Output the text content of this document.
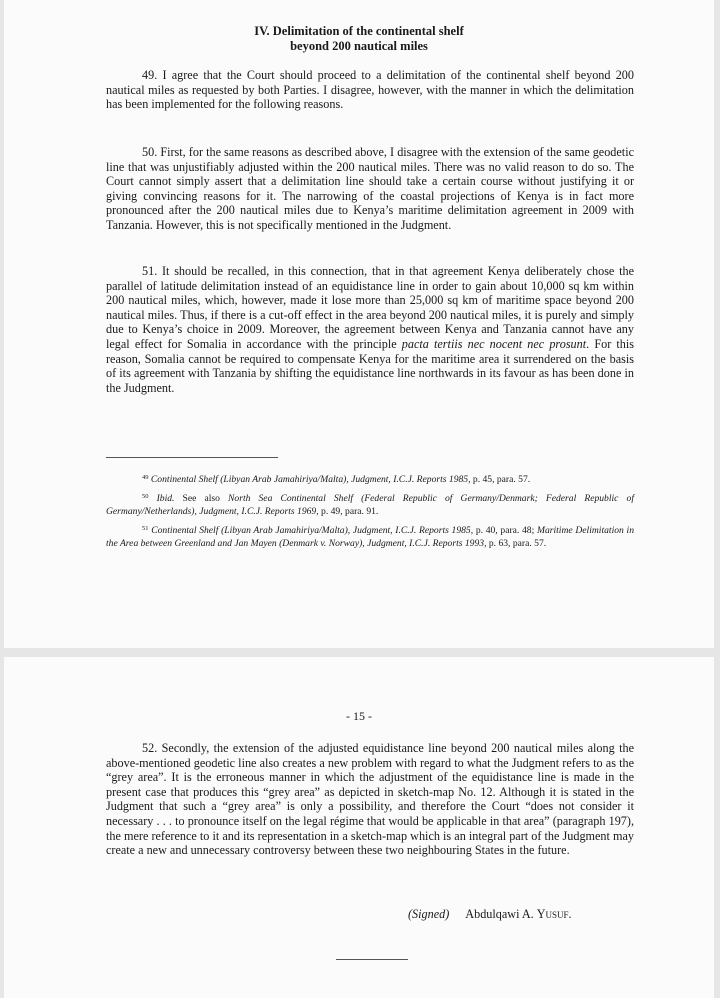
IV. Delimitation of the continental shelf
beyond 200 nautical miles

49. I agree that the Court should proceed to a delimitation of the continental shelf beyond 200 nautical miles as requested by both Parties. I disagree, however, with the manner in which the delimitation has been implemented for the following reasons.

50. First, for the same reasons as described above, I disagree with the extension of the same geodetic line that was unjustifiably adjusted within the 200 nautical miles. There was no valid reason to do so. The Court cannot simply assert that a delimitation line should take a certain course without justifying it or giving convincing reasons for it. The narrowing of the coastal projections of Kenya is in fact more pronounced after the 200 nautical miles due to Kenya’s maritime delimitation agreement in 2009 with Tanzania. However, this is not specifically mentioned in the Judgment.

51. It should be recalled, in this connection, that in that agreement Kenya deliberately chose the parallel of latitude delimitation instead of an equidistance line in order to gain about 10,000 sq km within 200 nautical miles, which, however, made it lose more than 25,000 sq km of maritime space beyond 200 nautical miles. Thus, if there is a cut-off effect in the area beyond 200 nautical miles, it is purely and simply due to Kenya’s choice in 2009. Moreover, the agreement between Kenya and Tanzania cannot have any legal effect for Somalia in accordance with the principle pacta tertiis nec nocent nec prosunt. For this reason, Somalia cannot be required to compensate Kenya for the maritime area it surrendered on the basis of its agreement with Tanzania by shifting the equidistance line northwards in its favour as has been done in the Judgment.

$^{49}$ Continental Shelf (Libyan Arab Jamahiriya/Malta), Judgment, I.C.J. Reports 1985, p. 45, para. 57.

$^{50}$ Ibid. See also North Sea Continental Shelf (Federal Republic of Germany/Denmark; Federal Republic of Germany/Netherlands), Judgment, I.C.J. Reports 1969, p. 49, para. 91.

$^{51}$ Continental Shelf (Libyan Arab Jamahiriya/Malta), Judgment, I.C.J. Reports 1985, p. 40, para. 48; Maritime Delimitation in the Area between Greenland and Jan Mayen (Denmark v. Norway), Judgment, I.C.J. Reports 1993, p. 63, para. 57.

- 15 -

52. Secondly, the extension of the adjusted equidistance line beyond 200 nautical miles along the above-mentioned geodetic line also creates a new problem with regard to what the Judgment refers to as the “grey area”. It is the erroneous manner in which the adjustment of the equidistance line is made in the present case that produces this “grey area” as depicted in sketch-map No. 12. Although it is stated in the Judgment that such a “grey area” is only a possibility, and therefore the Court “does not consider it necessary . . . to pronounce itself on the legal régime that would be applicable in that area” (paragraph 197), the mere reference to it and its representation in a sketch-map which is an integral part of the Judgment may create a new and unnecessary controversy between these two neighbouring States in the future.

(Signed) Abdulqawi A. Yusuf.
